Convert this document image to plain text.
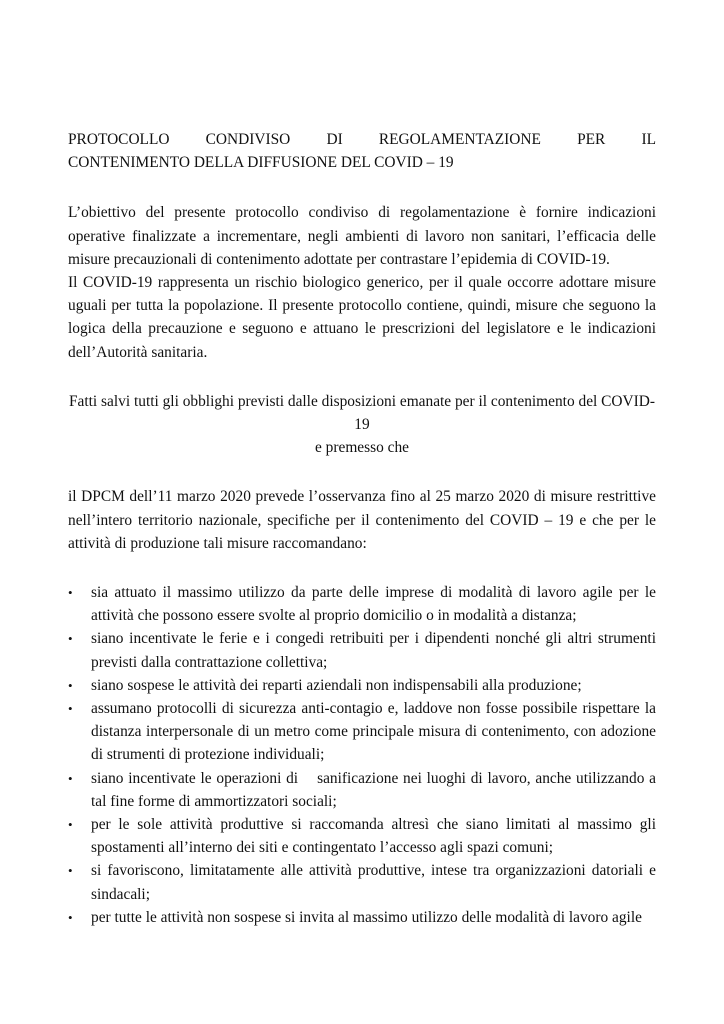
PROTOCOLLO CONDIVISO DI REGOLAMENTAZIONE PER IL
CONTENIMENTO DELLA DIFFUSIONE DEL COVID – 19

L’obiettivo del presente protocollo condiviso di regolamentazione è fornire indicazioni operative finalizzate a incrementare, negli ambienti di lavoro non sanitari, l’efficacia delle misure precauzionali di contenimento adottate per contrastare l’epidemia di COVID-19.

Il COVID-19 rappresenta un rischio biologico generico, per il quale occorre adottare misure uguali per tutta la popolazione. Il presente protocollo contiene, quindi, misure che seguono la logica della precauzione e seguono e attuano le prescrizioni del legislatore e le indicazioni dell’Autorità sanitaria.

Fatti salvi tutti gli obblighi previsti dalle disposizioni emanate per il contenimento del COVID-19

e premesso che

il DPCM dell’11 marzo 2020 prevede l’osservanza fino al 25 marzo 2020 di misure restrittive nell’intero territorio nazionale, specifiche per il contenimento del COVID – 19 e che per le attività di produzione tali misure raccomandano:

•	sia attuato il massimo utilizzo da parte delle imprese di modalità di lavoro agile per le attività che possono essere svolte al proprio domicilio o in modalità a distanza;
•	siano incentivate le ferie e i congedi retribuiti per i dipendenti nonché gli altri strumenti previsti dalla contrattazione collettiva;
•	siano sospese le attività dei reparti aziendali non indispensabili alla produzione;
•	assumano protocolli di sicurezza anti-contagio e, laddove non fosse possibile rispettare la distanza interpersonale di un metro come principale misura di contenimento, con adozione di strumenti di protezione individuali;
•	siano incentivate le operazioni di    sanificazione nei luoghi di lavoro, anche utilizzando a tal fine forme di ammortizzatori sociali;
•	per le sole attività produttive si raccomanda altresì che siano limitati al massimo gli spostamenti all’interno dei siti e contingentato l’accesso agli spazi comuni;
•	si favoriscono, limitatamente alle attività produttive, intese tra organizzazioni datoriali e sindacali;
•	per tutte le attività non sospese si invita al massimo utilizzo delle modalità di lavoro agile
